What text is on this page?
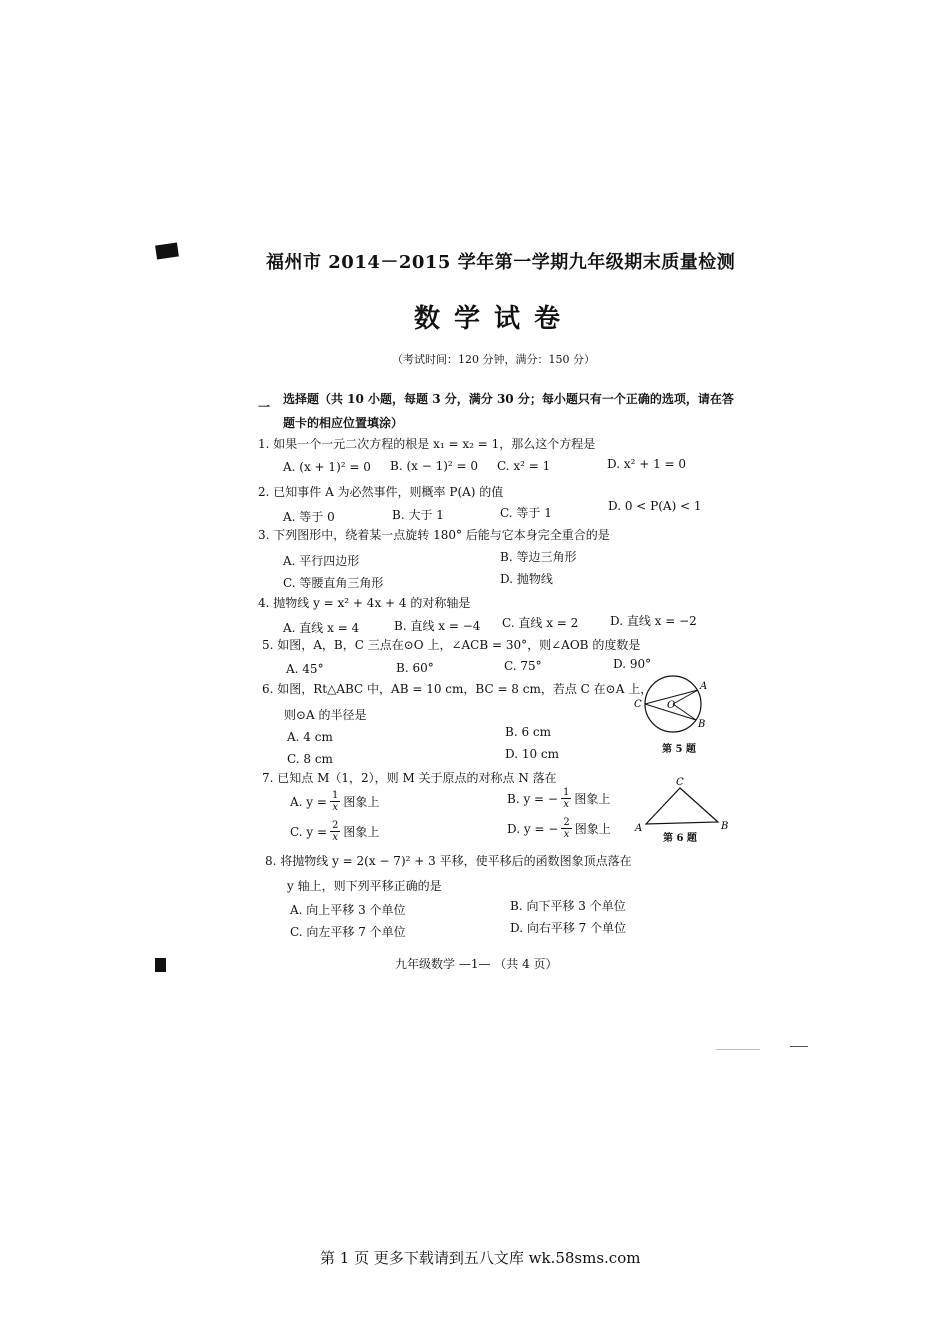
福州市 2014－2015 学年第一学期九年级期末质量检测
数学试卷
（考试时间：120 分钟，满分：150 分）
一
选择题（共 10 小题，每题 3 分，满分 30 分；每小题只有一个正确的选项，请在答
题卡的相应位置填涂）
1. 如果一个一元二次方程的根是 x₁ = x₂ = 1，那么这个方程是
A. (x + 1)² = 0 B. (x − 1)² = 0 C. x² = 1	D. x² + 1 = 0
2. 已知事件 A 为必然事件，则概率 P(A) 的值
A. 等于 0	B. 大于 1	C. 等于 1	D. 0 < P(A) < 1
3. 下列图形中，绕着某一点旋转 180° 后能与它本身完全重合的是
A. 平行四边形	B. 等边三角形
C. 等腰直角三角形	D. 抛物线
4. 抛物线 y = x² + 4x + 4 的对称轴是
A. 直线 x = 4	B. 直线 x = −4 C. 直线 x = 2	D. 直线 x = −2
5. 如图，A，B，C 三点在⊙O 上，∠ACB = 30°，则∠AOB 的度数是
A. 45°	B. 60°	C. 75°	D. 90°
6. 如图，Rt△ABC 中，AB = 10 cm，BC = 8 cm，若点 C 在⊙A 上，
则⊙A 的半径是
A. 4 cm	B. 6 cm
C. 8 cm	D. 10 cm
A
B
C	O
第 5 题
7. 已知点 M（1，2），则 M 关于原点的对称点 N 落在
A. $y = \frac{1}{x}$ 图象上	B. y = − $\frac{1}{x}$ 图象上
C. $y = \frac{2}{x}$ 图象上	D. y = − $\frac{2}{x}$ 图象上 A	B
C
第 6 题
8. 将抛物线 y = 2(x − 7)² + 3 平移，使平移后的函数图象顶点落在
y 轴上，则下列平移正确的是
A. 向上平移 3 个单位	B. 向下平移 3 个单位
C. 向左平移 7 个单位	D. 向右平移 7 个单位
九年级数学 —1— （共 4 页）
第 1 页 更多下载请到五八文库 wk.58sms.com
